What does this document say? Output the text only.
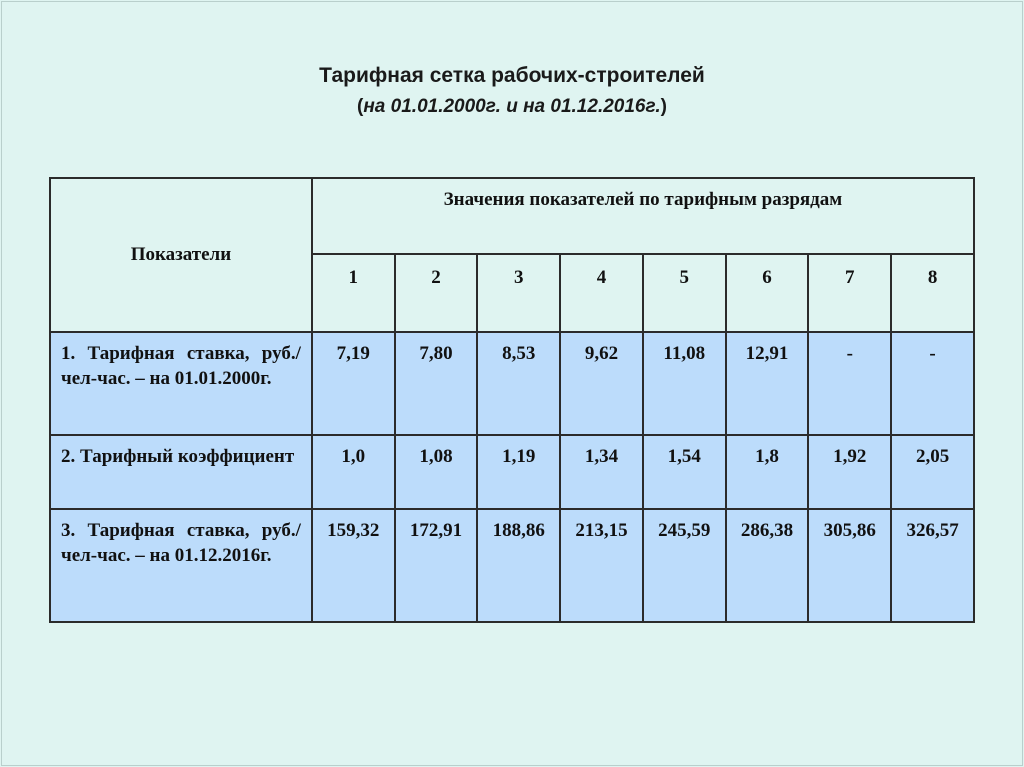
Тарифная сетка рабочих-строителей
(на 01.01.2000г. и на 01.12.2016г.)
Показатели	Значения показателей по тарифным разрядам							
	1	2	3	4	5	6	7	8
1. Тарифная ставка, руб./чел-час. – на 01.01.2000г.	7,19	7,80	8,53	9,62	11,08	12,91	-	-
2. Тарифный коэффициент	1,0	1,08	1,19	1,34	1,54	1,8	1,92	2,05
3. Тарифная ставка, руб./чел-час. – на 01.12.2016г.	159,32	172,91	188,86	213,15	245,59	286,38	305,86	326,57
